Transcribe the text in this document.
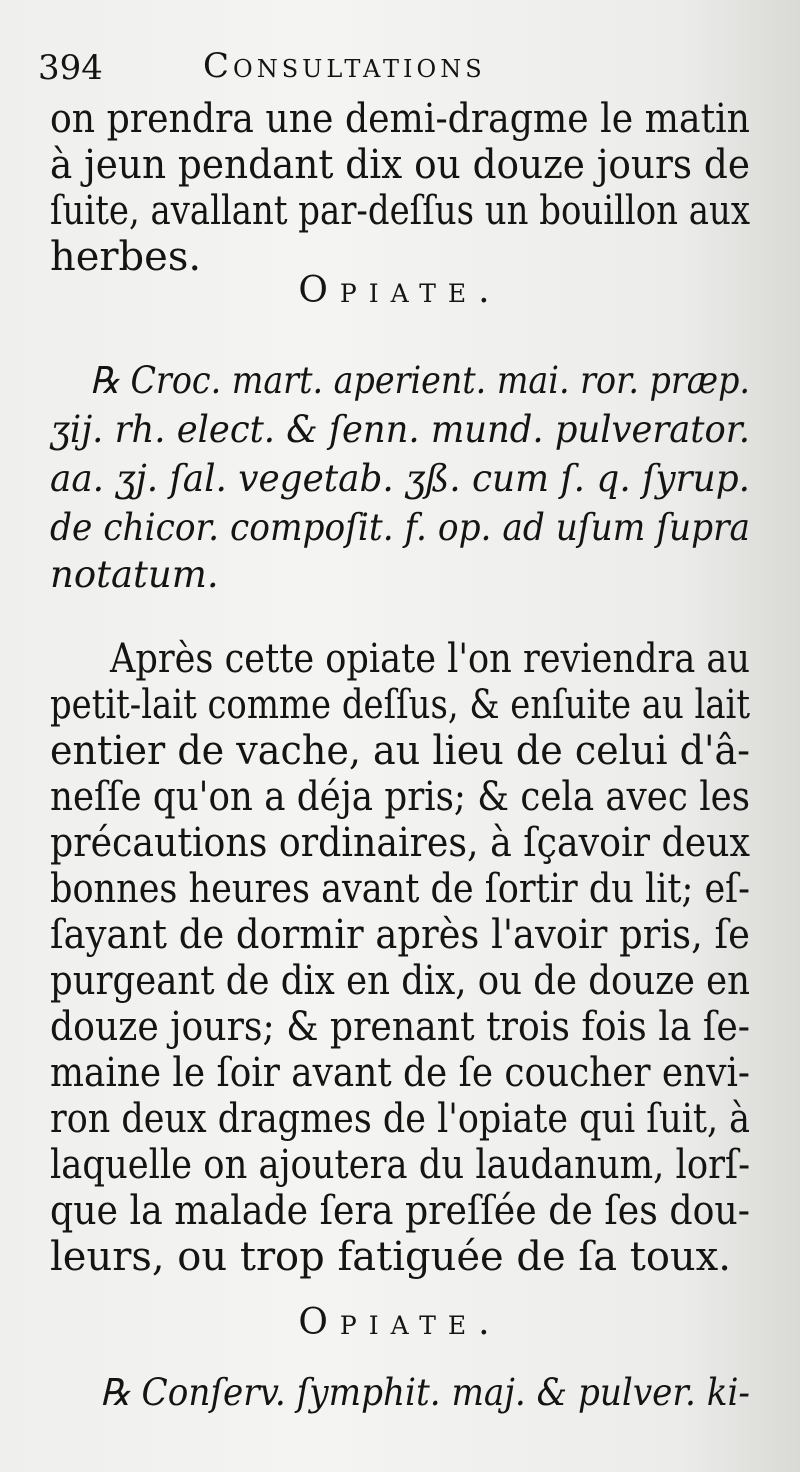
394	Consultations
on prendra une demi-dragme le matin
à jeun pendant dix ou douze jours de
ſuite, avallant par-deſſus un bouillon aux
herbes.
Opiate.
℞ Croc. mart. aperient. mai. ror. præp.
ʒij. rh. elect. & ſenn. mund. pulverator.
aa. ʒj. ſal. vegetab. ʒß. cum ſ. q. ſyrup.
de chicor. compoſit. f. op. ad uſum ſupra
notatum.
Après cette opiate l'on reviendra au
petit-lait comme deſſus, & enſuite au lait
entier de vache, au lieu de celui d'â-
neſſe qu'on a déja pris; & cela avec les
précautions ordinaires, à ſçavoir deux
bonnes heures avant de ſortir du lit; eſ-
ſayant de dormir après l'avoir pris, ſe
purgeant de dix en dix, ou de douze en
douze jours; & prenant trois fois la ſe-
maine le ſoir avant de ſe coucher envi-
ron deux dragmes de l'opiate qui ſuit, à
laquelle on ajoutera du laudanum, lorſ-
que la malade ſera preſſée de ſes dou-
leurs, ou trop fatiguée de ſa toux.
Opiate.
℞ Conſerv. ſymphit. maj. & pulver. ki-
